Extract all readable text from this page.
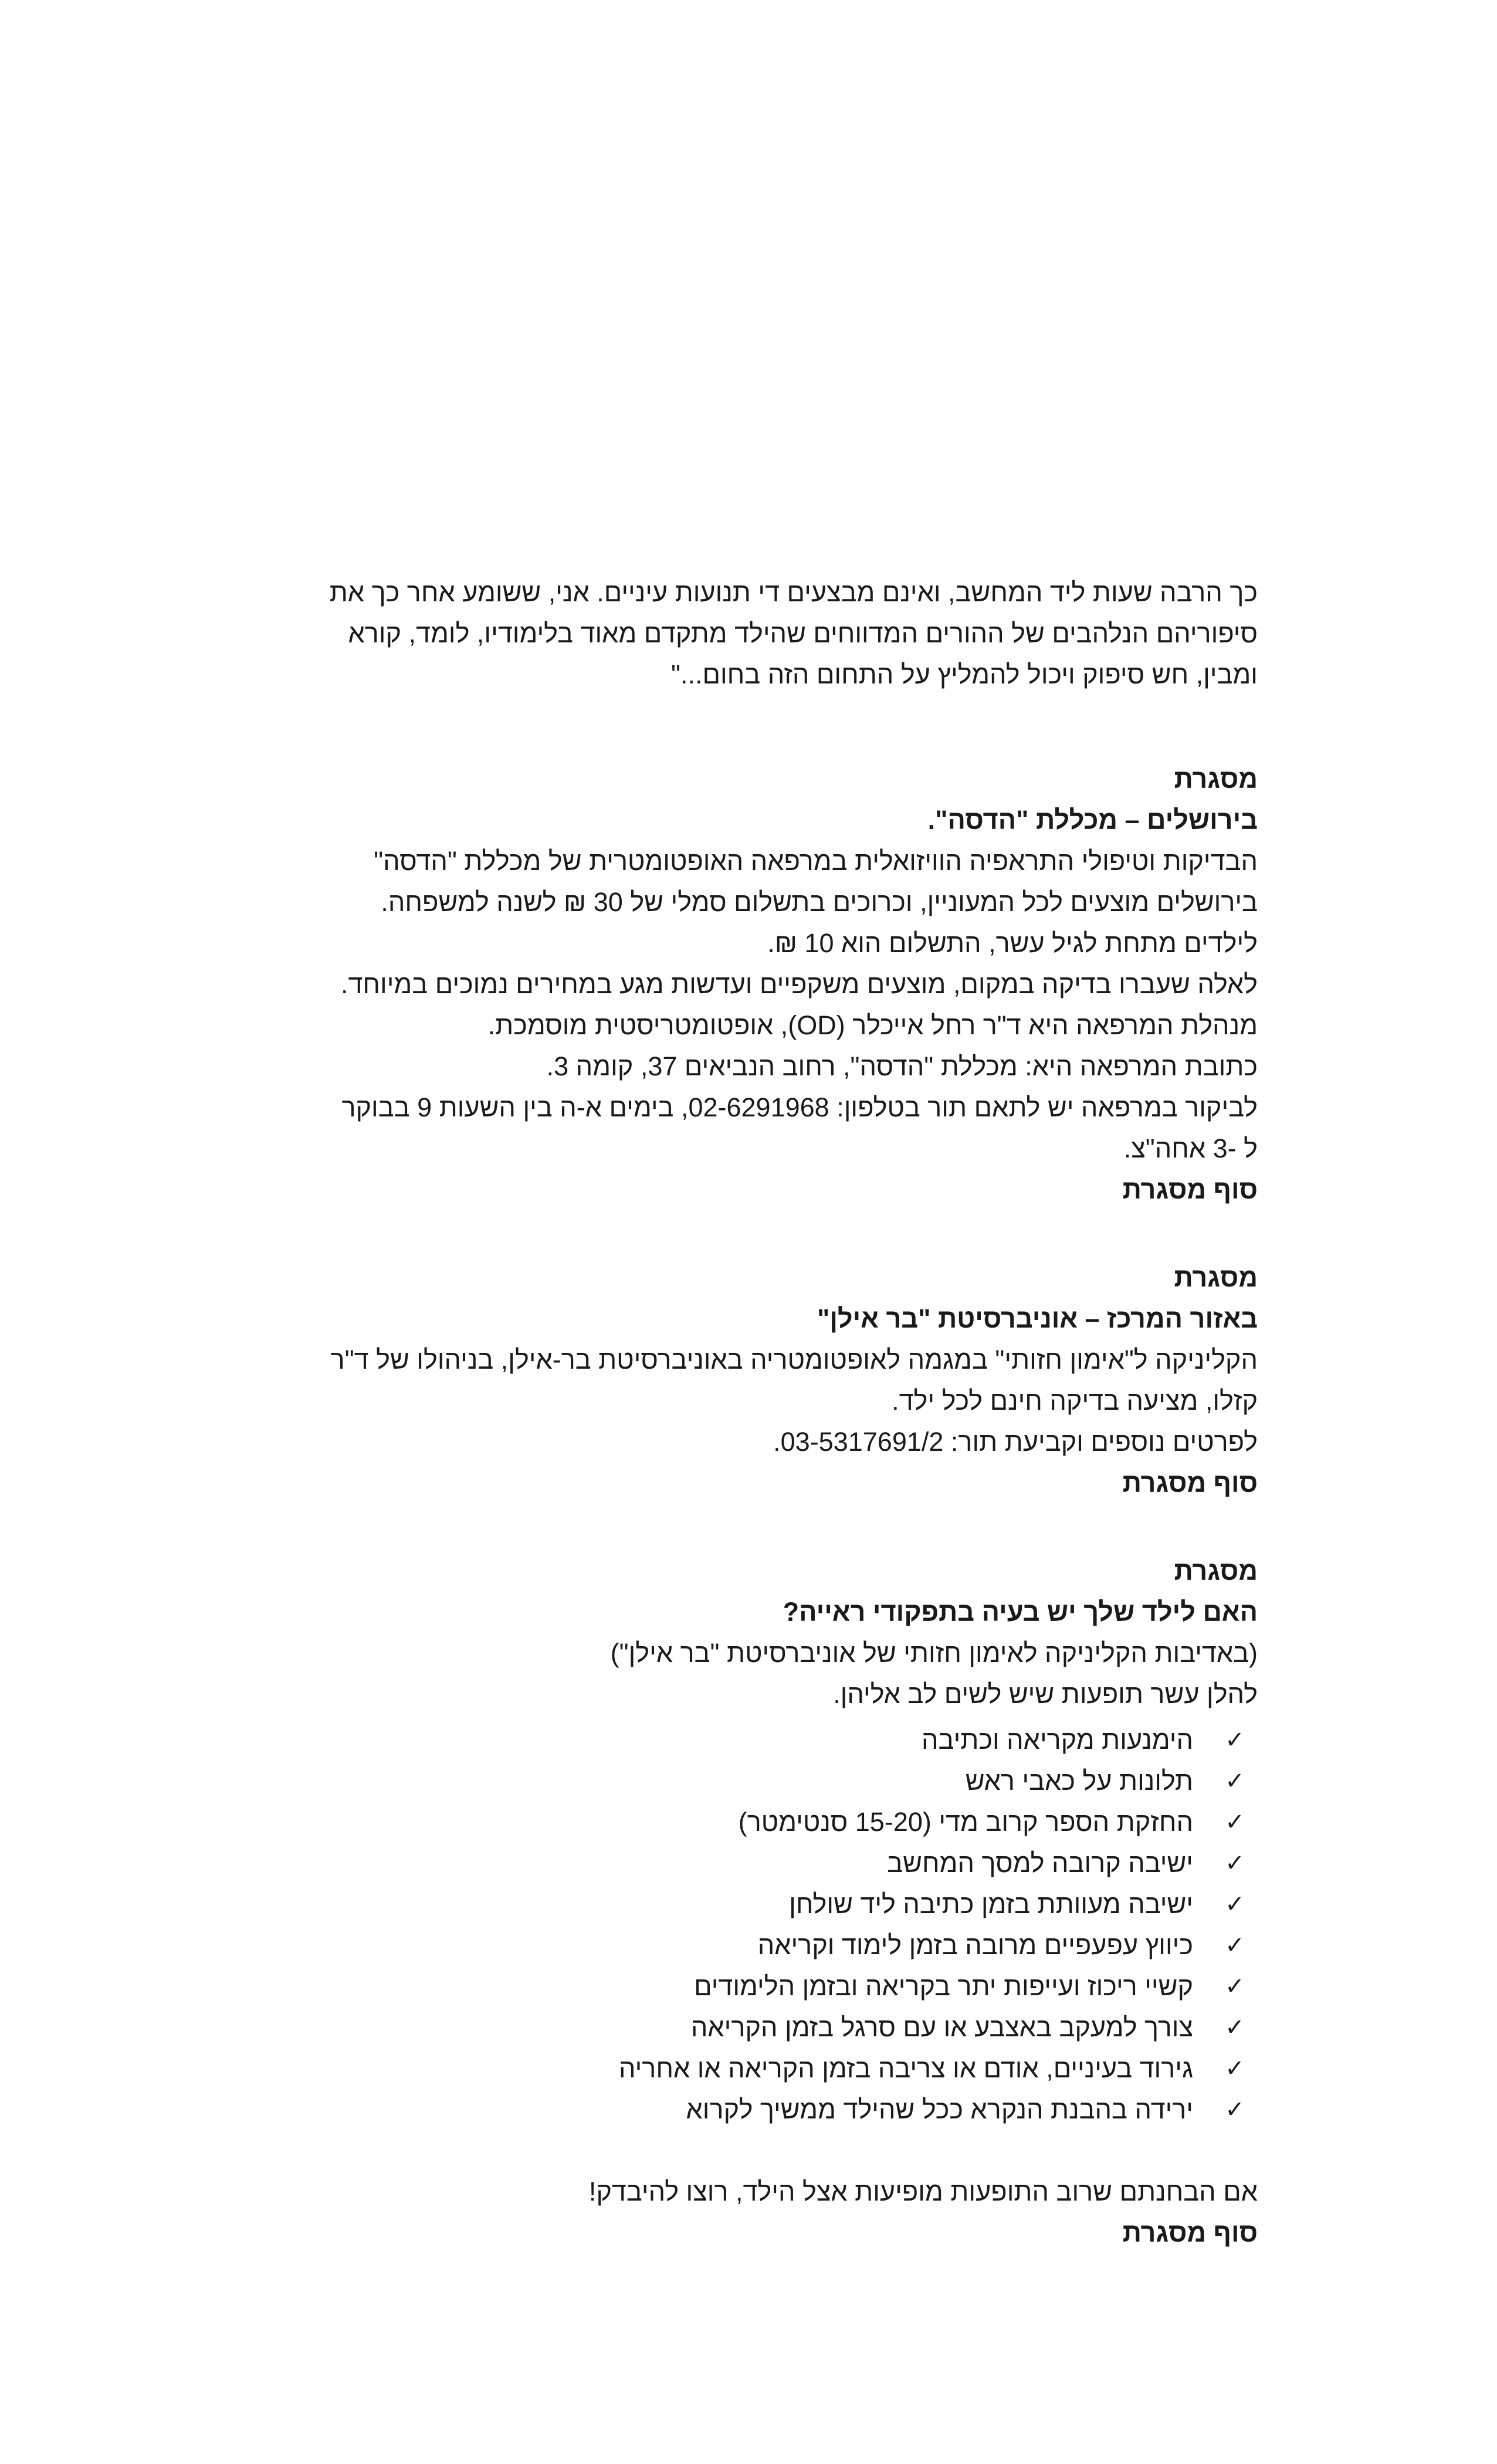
כך הרבה שעות ליד המחשב, ואינם מבצעים די תנועות עיניים. אני, ששומע אחר כך את

סיפוריהם הנלהבים של ההורים המדווחים שהילד מתקדם מאוד בלימודיו, לומד, קורא

ומבין, חש סיפוק ויכול להמליץ על התחום הזה בחום..."

מסגרת

בירושלים – מכללת "הדסה".

הבדיקות וטיפולי התראפיה הוויזואלית במרפאה האופטומטרית של מכללת "הדסה"

בירושלים מוצעים לכל המעוניין, וכרוכים בתשלום סמלי של 30 ₪ לשנה למשפחה.

לילדים מתחת לגיל עשר, התשלום הוא 10 ₪.

לאלה שעברו בדיקה במקום, מוצעים משקפיים ועדשות מגע במחירים נמוכים במיוחד.

מנהלת המרפאה היא ד"ר רחל אייכלר (OD), אופטומטריסטית מוסמכת.

כתובת המרפאה היא: מכללת "הדסה", רחוב הנביאים 37, קומה 3.

לביקור במרפאה יש לתאם תור בטלפון: 02-6291968, בימים א-ה בין השעות 9 בבוקר

ל -3 אחה"צ.

סוף מסגרת

מסגרת

באזור המרכז – אוניברסיטת "בר אילן"

הקליניקה ל"אימון חזותי" במגמה לאופטומטריה באוניברסיטת בר-אילן, בניהולו של ד"ר

קזלו, מציעה בדיקה חינם לכל ילד.

לפרטים נוספים וקביעת תור: 03-5317691/2.

סוף מסגרת

מסגרת

האם לילד שלך יש בעיה בתפקודי ראייה?

(באדיבות הקליניקה לאימון חזותי של אוניברסיטת "בר אילן")

להלן עשר תופעות שיש לשים לב אליהן.

✓
הימנעות מקריאה וכתיבה
✓
תלונות על כאבי ראש
✓
החזקת הספר קרוב מדי (15-20 סנטימטר)
✓
ישיבה קרובה למסך המחשב
✓
ישיבה מעוותת בזמן כתיבה ליד שולחן
✓
כיווץ עפעפיים מרובה בזמן לימוד וקריאה
✓
קשיי ריכוז ועייפות יתר בקריאה ובזמן הלימודים
✓
צורך למעקב באצבע או עם סרגל בזמן הקריאה
✓
גירוד בעיניים, אודם או צריבה בזמן הקריאה או אחריה
✓
ירידה בהבנת הנקרא ככל שהילד ממשיך לקרוא

אם הבחנתם שרוב התופעות מופיעות אצל הילד, רוצו להיבדק!

סוף מסגרת
